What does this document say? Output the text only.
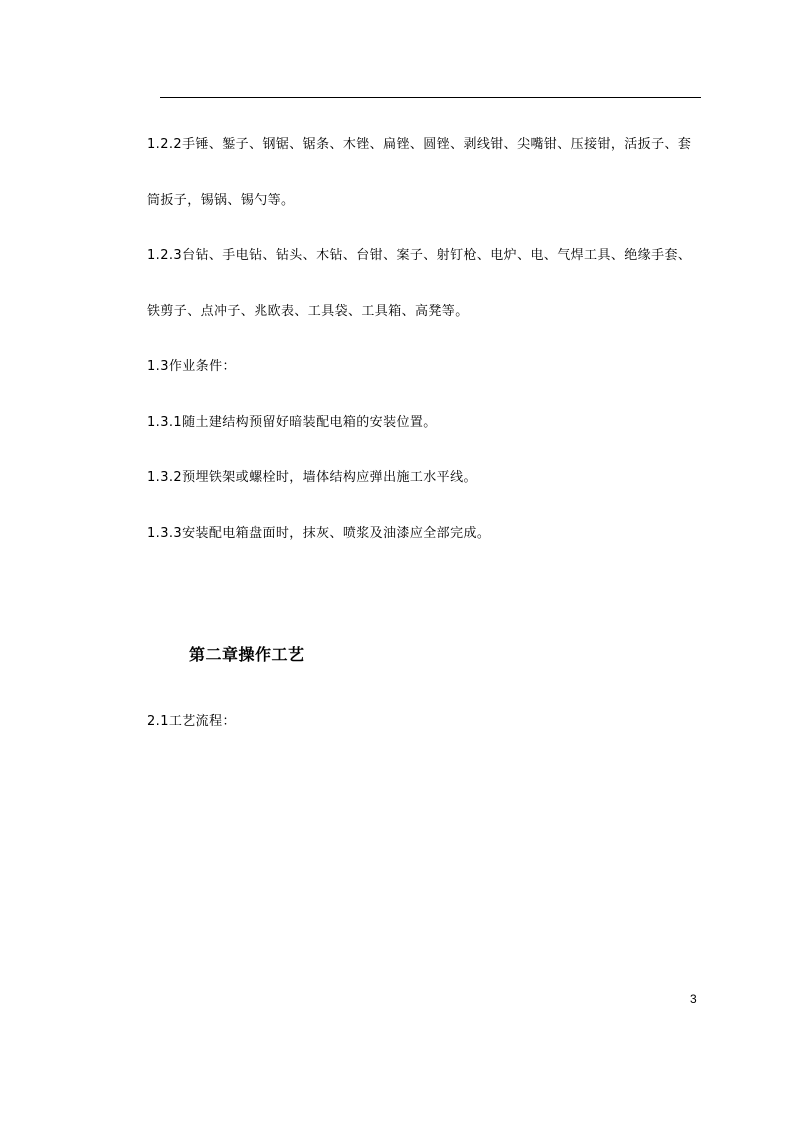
1.2.2手锤、錾子、钢锯、锯条、木锉、扁锉、圆锉、剥线钳、尖嘴钳、压接钳，活扳子、套
筒扳子，锡锅、锡勺等。
1.2.3台钻、手电钻、钻头、木钻、台钳、案子、射钉枪、电炉、电、气焊工具、绝缘手套、
铁剪子、点冲子、兆欧表、工具袋、工具箱、高凳等。
1.3作业条件：
1.3.1随土建结构预留好暗装配电箱的安装位置。
1.3.2预埋铁架或螺栓时，墙体结构应弹出施工水平线。
1.3.3安装配电箱盘面时，抹灰、喷浆及油漆应全部完成。
第二章操作工艺
2.1工艺流程：
3
